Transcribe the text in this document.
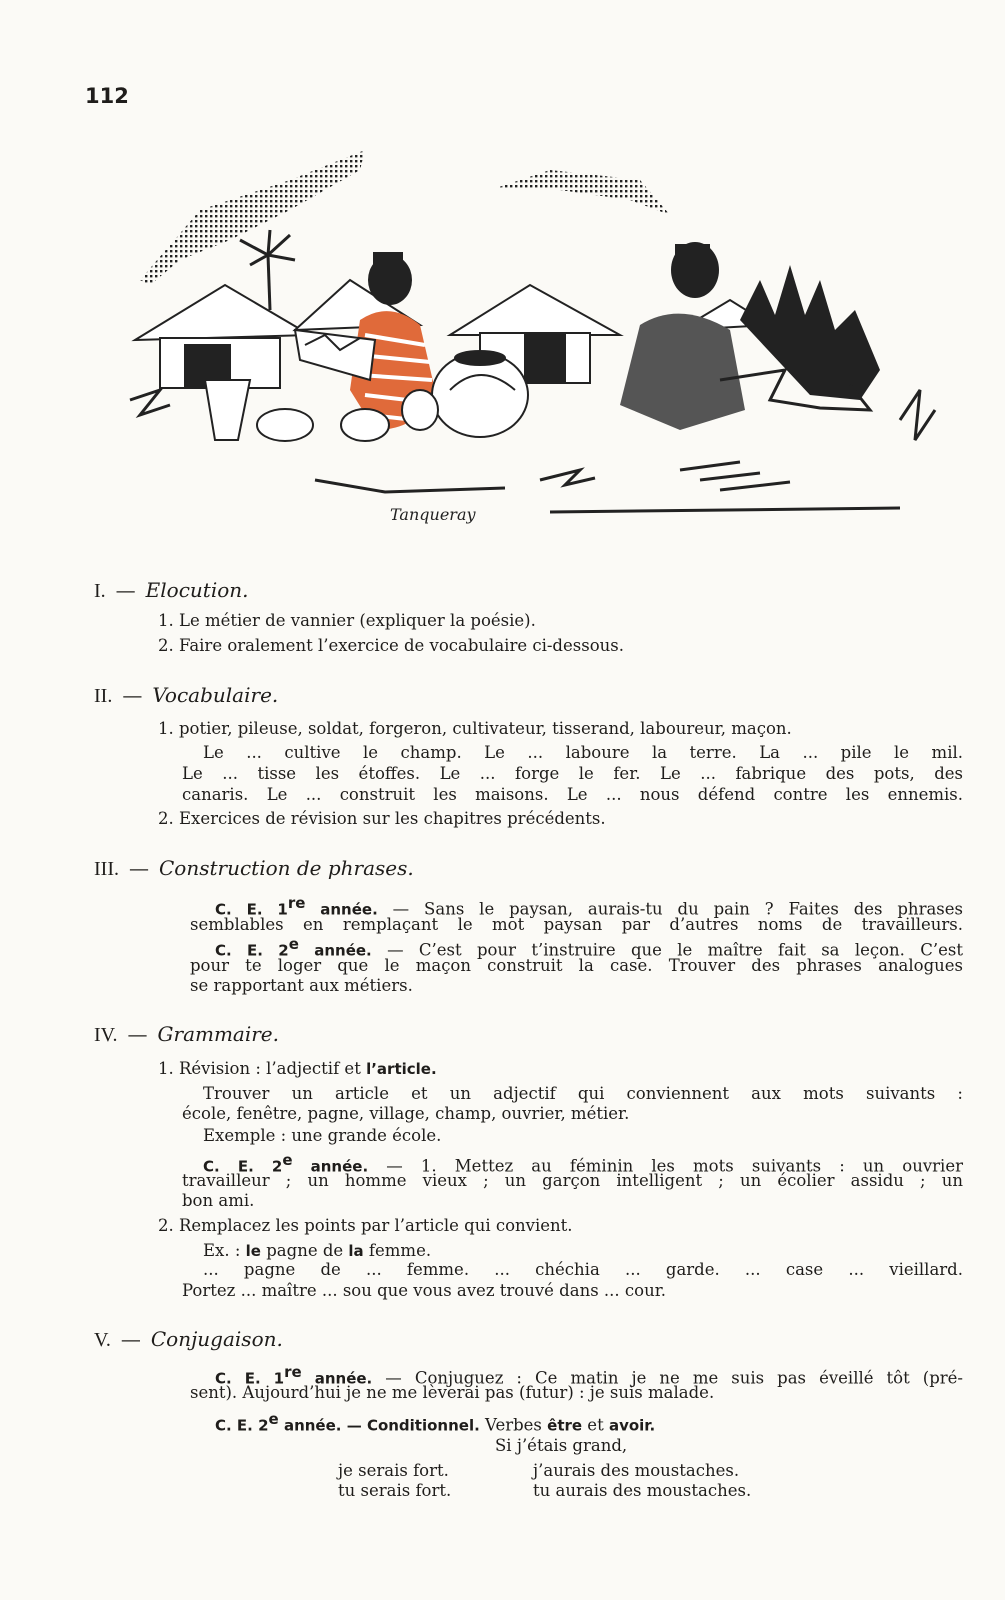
112
Tanqueray
I. — Elocution.
1. Le métier de vannier (expliquer la poésie).
2. Faire oralement l’exercice de vocabulaire ci-dessous.
II. — Vocabulaire.
1. potier, pileuse, soldat, forgeron, cultivateur, tisserand, laboureur, maçon.
Le ... cultive le champ. Le ... laboure la terre. La ... pile le mil.
Le ... tisse les étoffes. Le ... forge le fer. Le ... fabrique des pots, des
canaris. Le ... construit les maisons. Le ... nous défend contre les ennemis.
2. Exercices de révision sur les chapitres précédents.
III. — Construction de phrases.
C. E. 1re année. — Sans le paysan, aurais-tu du pain ? Faites des phrases
semblables en remplaçant le mot paysan par d’autres noms de travailleurs.
C. E. 2e année. — C’est pour t’instruire que le maître fait sa leçon. C’est
pour te loger que le maçon construit la case. Trouver des phrases analogues
se rapportant aux métiers.
IV. — Grammaire.
1. Révision : l’adjectif et l’article.
Trouver un article et un adjectif qui conviennent aux mots suivants :
école, fenêtre, pagne, village, champ, ouvrier, métier.
Exemple : une grande école.
C. E. 2e année. — 1. Mettez au féminin les mots suivants : un ouvrier
travailleur ; un homme vieux ; un garçon intelligent ; un écolier assidu ; un
bon ami.
2. Remplacez les points par l’article qui convient.
Ex. : le pagne de la femme.
... pagne de ... femme. ... chéchia ... garde. ... case ... vieillard.
Portez ... maître ... sou que vous avez trouvé dans ... cour.
V. — Conjugaison.
C. E. 1re année. — Conjuguez : Ce matin je ne me suis pas éveillé tôt (pré-
sent). Aujourd’hui je ne me lèverai pas (futur) : je suis malade.
C. E. 2e année. — Conditionnel. Verbes être et avoir.
Si j’étais grand,
je serais fort.	j’aurais des moustaches.
tu serais fort.	tu aurais des moustaches.
